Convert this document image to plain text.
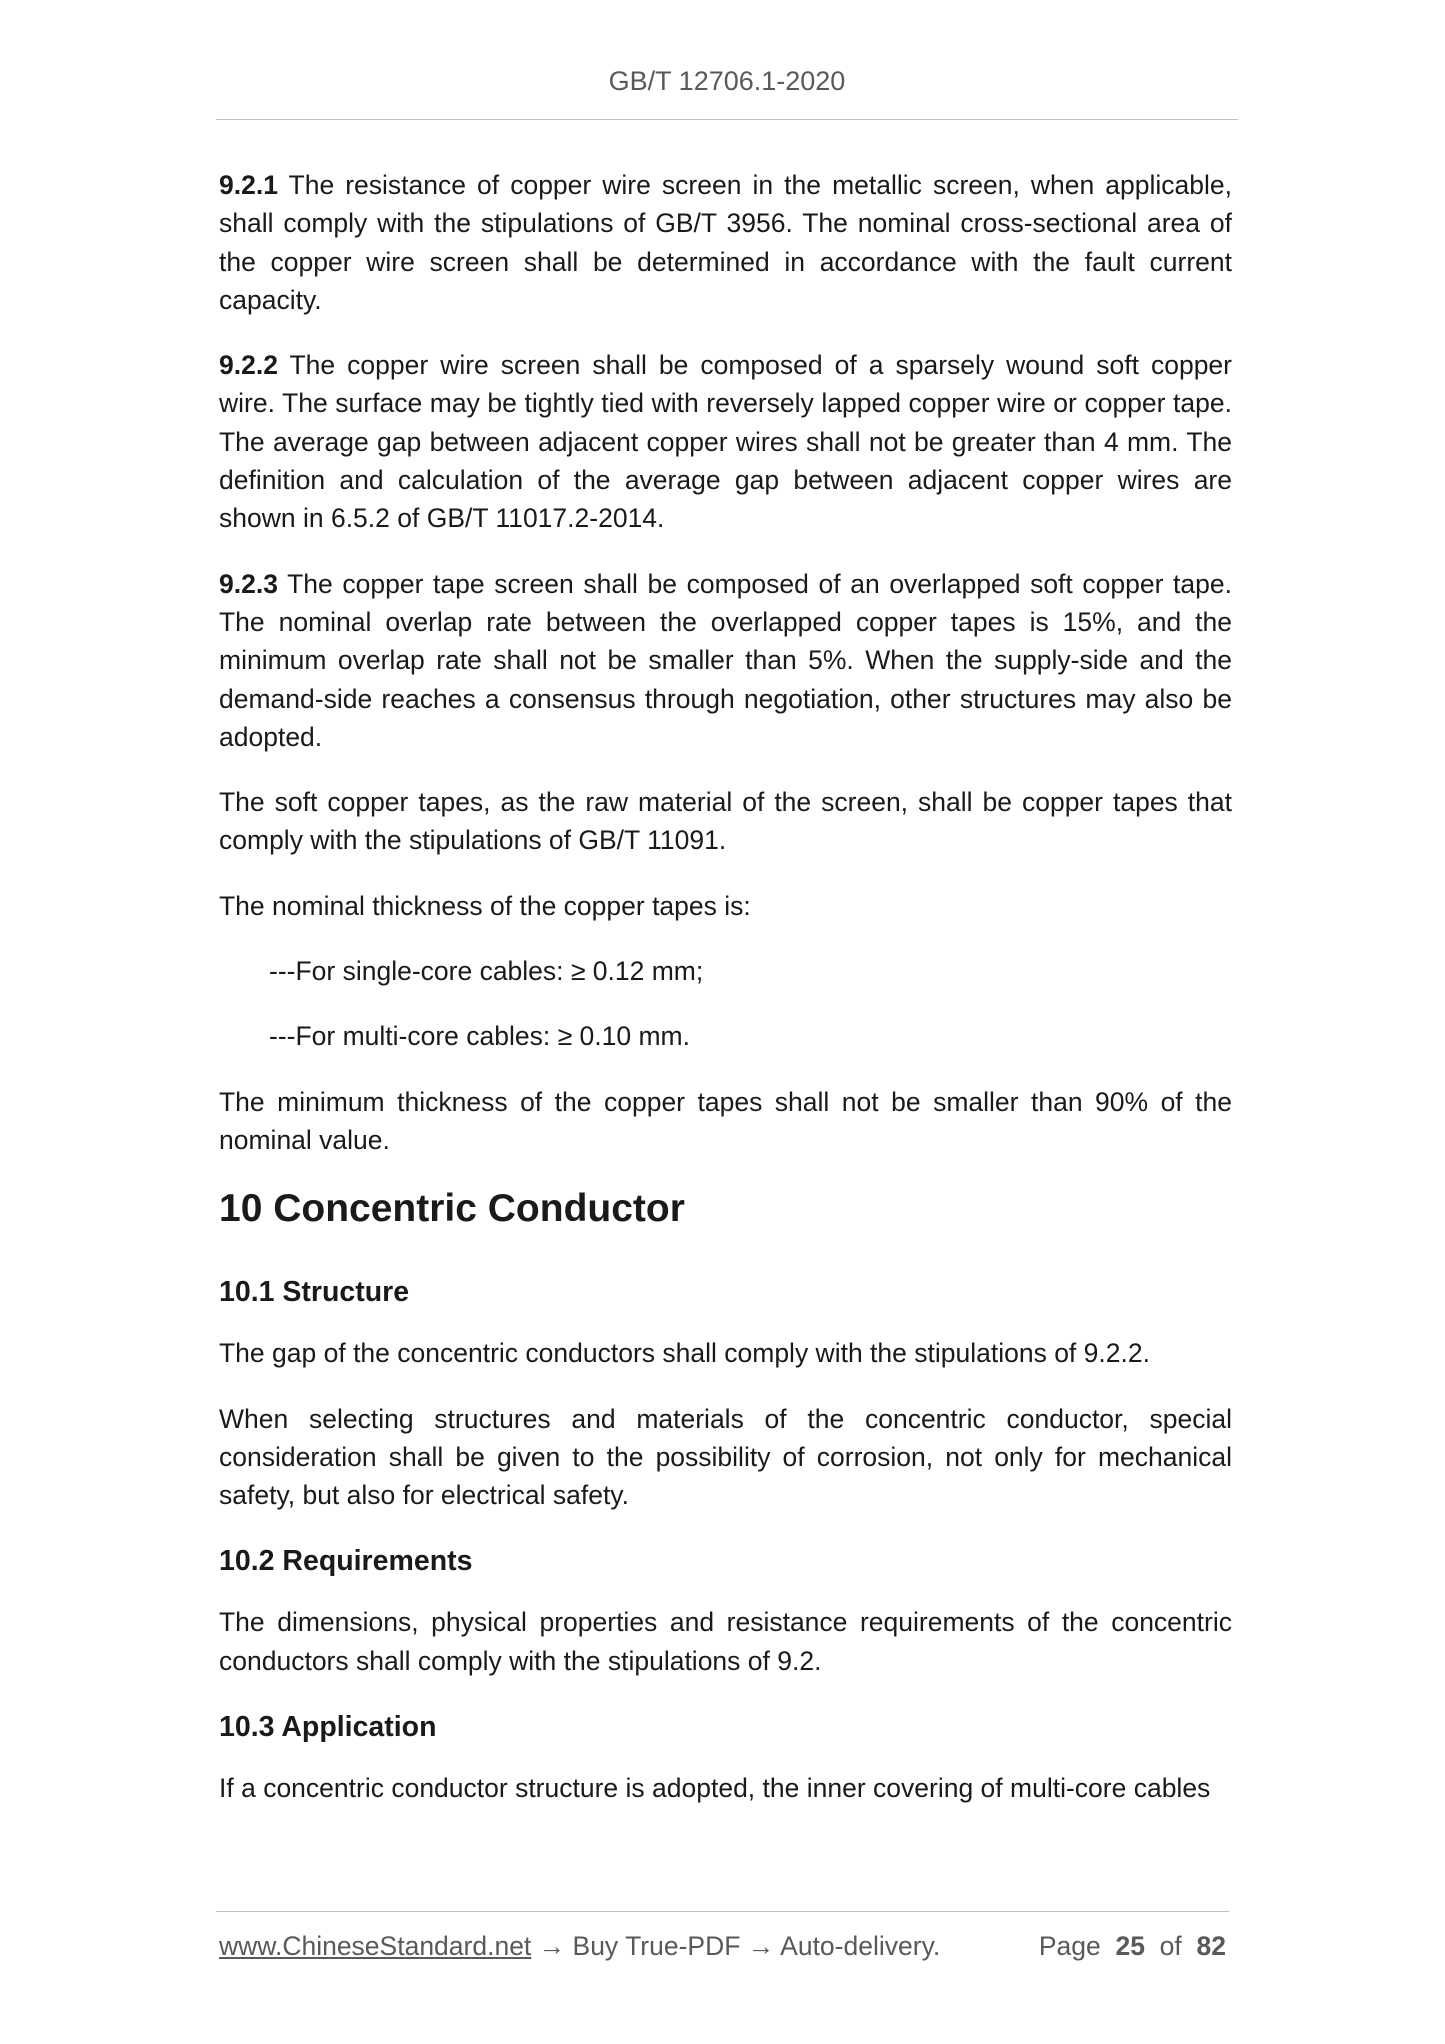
GB/T 12706.1-2020

9.2.1 The resistance of copper wire screen in the metallic screen, when applicable, shall comply with the stipulations of GB/T 3956. The nominal cross-sectional area of the copper wire screen shall be determined in accordance with the fault current capacity.

9.2.2 The copper wire screen shall be composed of a sparsely wound soft copper wire. The surface may be tightly tied with reversely lapped copper wire or copper tape. The average gap between adjacent copper wires shall not be greater than 4 mm. The definition and calculation of the average gap between adjacent copper wires are shown in 6.5.2 of GB/T 11017.2-2014.

9.2.3 The copper tape screen shall be composed of an overlapped soft copper tape. The nominal overlap rate between the overlapped copper tapes is 15%, and the minimum overlap rate shall not be smaller than 5%. When the supply-side and the demand-side reaches a consensus through negotiation, other structures may also be adopted.

The soft copper tapes, as the raw material of the screen, shall be copper tapes that comply with the stipulations of GB/T 11091.

The nominal thickness of the copper tapes is:

---For single-core cables: ≥ 0.12 mm;

---For multi-core cables: ≥ 0.10 mm.

The minimum thickness of the copper tapes shall not be smaller than 90% of the nominal value.

10 Concentric Conductor
10.1 Structure

The gap of the concentric conductors shall comply with the stipulations of 9.2.2.

When selecting structures and materials of the concentric conductor, special consideration shall be given to the possibility of corrosion, not only for mechanical safety, but also for electrical safety.

10.2 Requirements

The dimensions, physical properties and resistance requirements of the concentric conductors shall comply with the stipulations of 9.2.

10.3 Application

If a concentric conductor structure is adopted, the inner covering of multi-core cables

www.ChineseStandard.net → Buy True-PDF → Auto-delivery.	Page 25 of 82
